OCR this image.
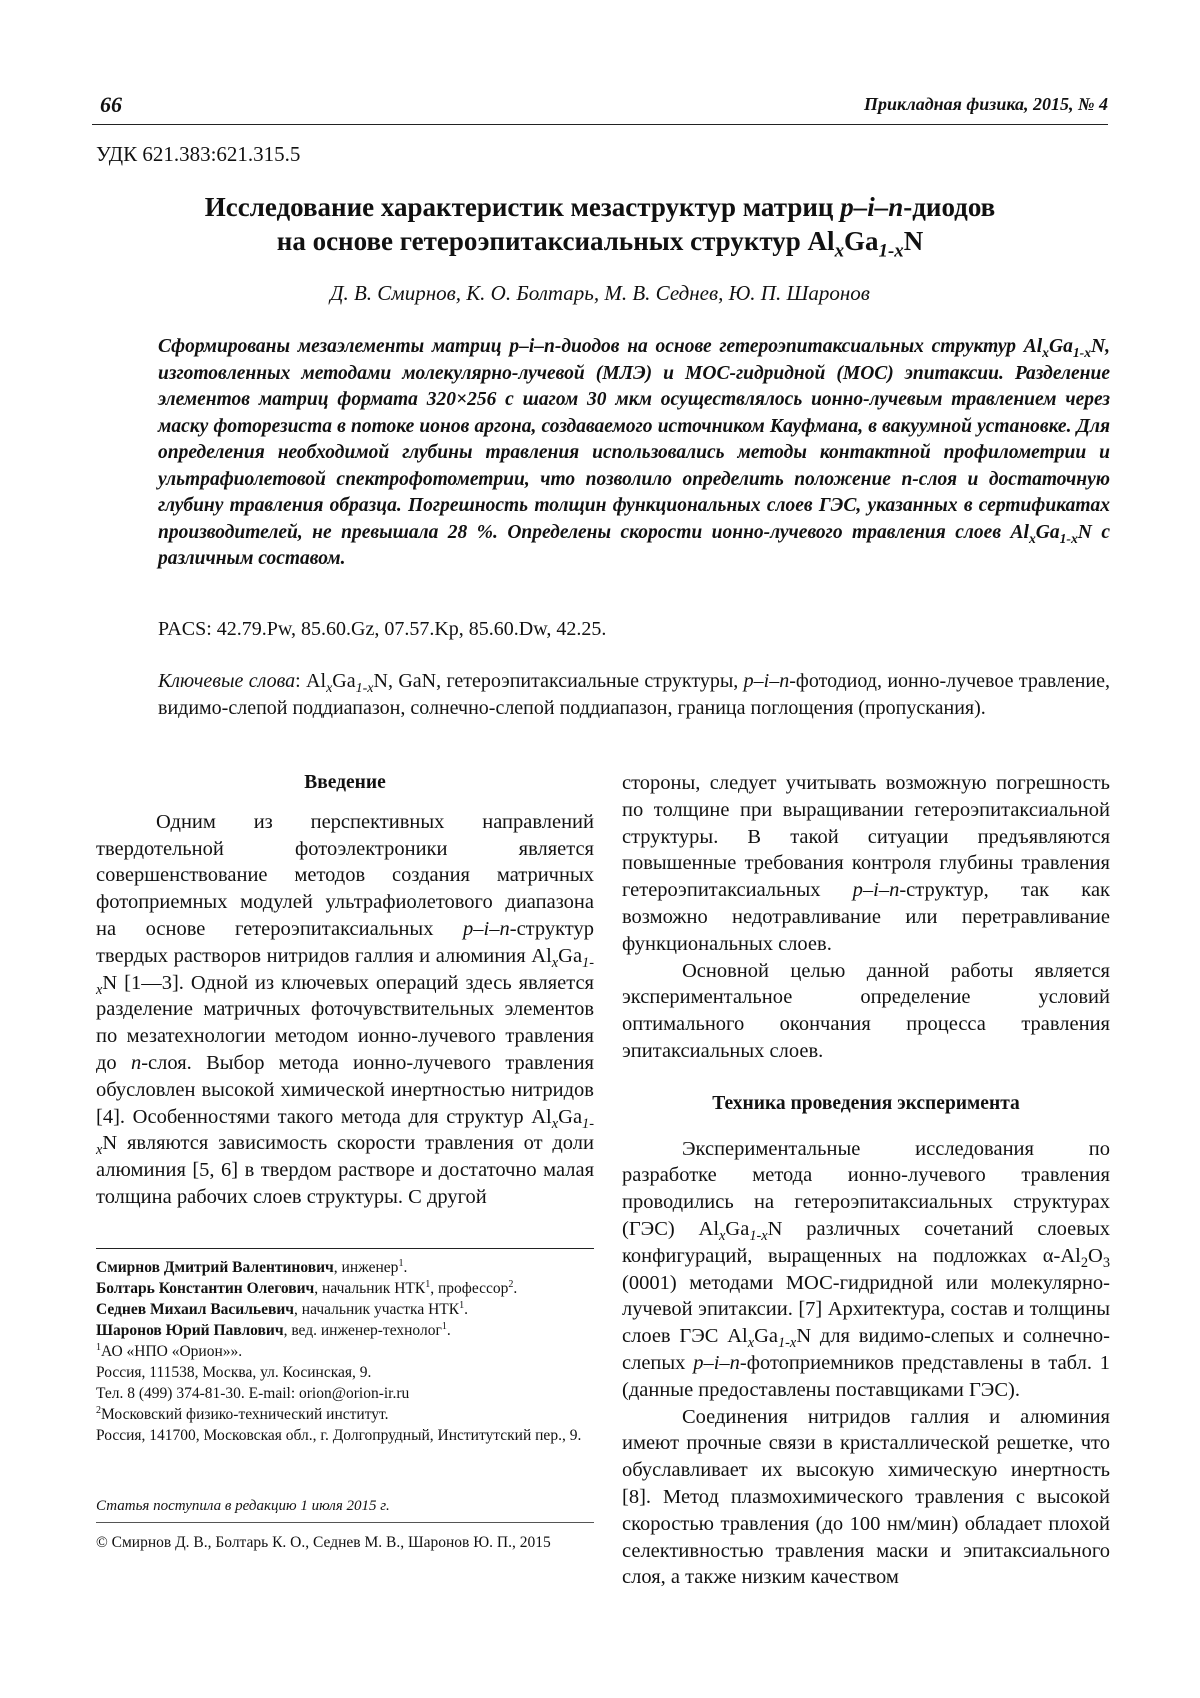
66	Прикладная физика, 2015, № 4
УДК 621.383:621.315.5
Исследование характеристик мезаструктур матриц p–i–n-диодов
на основе гетероэпитаксиальных структур $Al_xGa_{1-x}N$
Д. В. Смирнов, К. О. Болтарь, М. В. Седнев, Ю. П. Шаронов
Сформированы мезаэлементы матриц p–i–n-диодов на основе гетероэпитаксиальных структур $Al_xGa_{1-x}N$, изготовленных методами молекулярно-лучевой (МЛЭ) и МОС-гидридной (МОС) эпитаксии. Разделение элементов матриц формата 320×256 с шагом 30 мкм осуществлялось ионно-лучевым травлением через маску фоторезиста в потоке ионов аргона, создаваемого источником Кауфмана, в вакуумной установке. Для определения необходимой глубины травления использовались методы контактной профилометрии и ультрафиолетовой спектрофотометрии, что позволило определить положение n-слоя и достаточную глубину травления образца. Погрешность толщин функциональных слоев ГЭС, указанных в сертификатах производителей, не превышала 28 %. Определены скорости ионно-лучевого травления слоев $Al_xGa_{1-x}N$ с различным составом.
PACS: 42.79.Pw, 85.60.Gz, 07.57.Kp, 85.60.Dw, 42.25.
Ключевые слова: $Al_xGa_{1-x}N$, GaN, гетероэпитаксиальные структуры, p–i–n-фотодиод, ионно-лучевое травление, видимо-слепой поддиапазон, солнечно-слепой поддиапазон, граница поглощения (пропускания).
Введение

Одним из перспективных направлений твердотельной фотоэлектроники является совершенствование методов создания матричных фотоприемных модулей ультрафиолетового диапазона на основе гетероэпитаксиальных p–i–n-структур твердых растворов нитридов галлия и алюминия $Al_xGa_{1-x}N$ [1—3]. Одной из ключевых операций здесь является разделение матричных фоточувствительных элементов по мезатехнологии методом ионно-лучевого травления до n-слоя. Выбор метода ионно-лучевого травления обусловлен высокой химической инертностью нитридов [4]. Особенностями такого метода для структур $Al_xGa_{1-x}N$ являются зависимость скорости травления от доли алюминия [5, 6] в твердом растворе и достаточно малая толщина рабочих слоев структуры. С другой

стороны, следует учитывать возможную погрешность по толщине при выращивании гетероэпитаксиальной структуры. В такой ситуации предъявляются повышенные требования контроля глубины травления гетероэпитаксиальных p–i–n-структур, так как возможно недотравливание или перетравливание функциональных слоев.

Основной целью данной работы является экспериментальное определение условий оптимального окончания процесса травления эпитаксиальных слоев.

Техника проведения эксперимента

Экспериментальные исследования по разработке метода ионно-лучевого травления проводились на гетероэпитаксиальных структурах (ГЭС) $Al_xGa_{1-x}N$ различных сочетаний слоевых конфигураций, выращенных на подложках $\alpha-Al_2O_3$ (0001) методами МОС-гидридной или молекулярно-лучевой эпитаксии. [7] Архитектура, состав и толщины слоев ГЭС $Al_xGa_{1-x}N$ для видимо-слепых и солнечно-слепых p–i–n-фотоприемников представлены в табл. 1 (данные предоставлены поставщиками ГЭС).

Соединения нитридов галлия и алюминия имеют прочные связи в кристаллической решетке, что обуславливает их высокую химическую инертность [8]. Метод плазмохимического травления с высокой скоростью травления (до 100 нм/мин) обладает плохой селективностью травления маски и эпитаксиального слоя, а также низким качеством

Смирнов Дмитрий Валентинович, инженер$^1$.
Болтарь Константин Олегович, начальник НТК$^1$, профессор$^2$.
Седнев Михаил Васильевич, начальник участка НТК$^1$.
Шаронов Юрий Павлович, вед. инженер-технолог$^1$.
$^1$АО «НПО «Орион»».
Россия, 111538, Москва, ул. Косинская, 9.
Тел. 8 (499) 374-81-30. E-mail: orion@orion-ir.ru
$^2$Московский физико-технический институт.
Россия, 141700, Московская обл., г. Долгопрудный, Институтский пер., 9.
Статья поступила в редакцию 1 июля 2015 г.
© Смирнов Д. В., Болтарь К. О., Седнев М. В., Шаронов Ю. П., 2015
